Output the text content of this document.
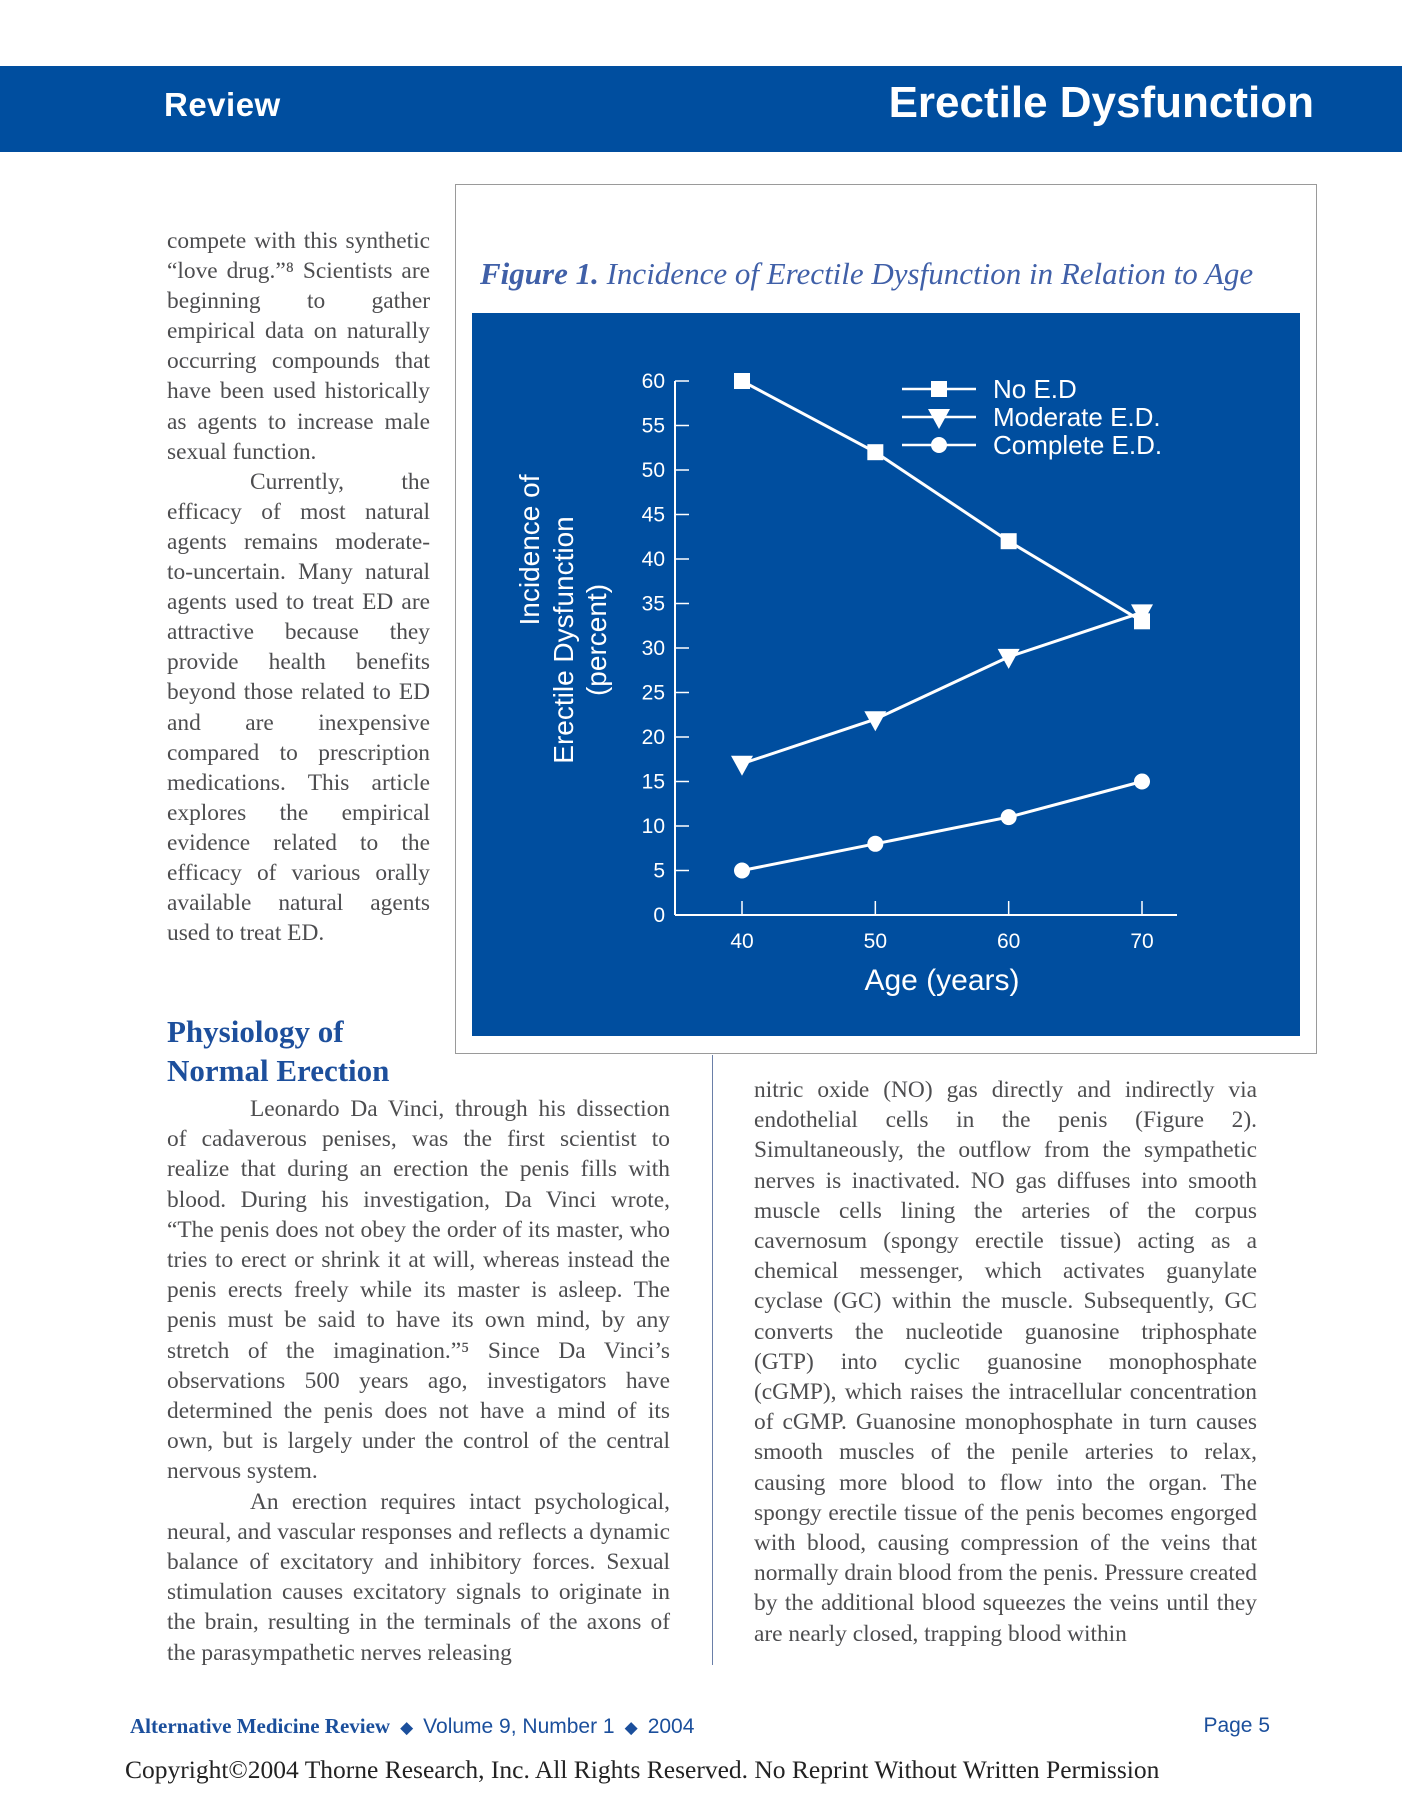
Review	Erectile Dysfunction

compete with this synthetic “love drug.”⁸ Scientists are beginning to gather empirical data on naturally occurring compounds that have been used historically as agents to increase male sexual function.

Currently, the efficacy of most natural agents remains moderate-to-uncertain. Many natural agents used to treat ED are attractive because they provide health benefits beyond those related to ED and are inexpensive compared to prescription medications. This article explores the empirical evidence related to the efficacy of various orally available natural agents used to treat ED.

Physiology of
Normal Erection

Leonardo Da Vinci, through his dissection of cadaverous penises, was the first scientist to realize that during an erection the penis fills with blood. During his investigation, Da Vinci wrote, “The penis does not obey the order of its master, who tries to erect or shrink it at will, whereas instead the penis erects freely while its master is asleep. The penis must be said to have its own mind, by any stretch of the imagination.”⁵ Since Da Vinci’s observations 500 years ago, investigators have determined the penis does not have a mind of its own, but is largely under the control of the central nervous system.

An erection requires intact psychological, neural, and vascular responses and reflects a dynamic balance of excitatory and inhibitory forces. Sexual stimulation causes excitatory signals to originate in the brain, resulting in the terminals of the axons of the parasympathetic nerves releasing

nitric oxide (NO) gas directly and indirectly via endothelial cells in the penis (Figure 2). Simultaneously, the outflow from the sympathetic nerves is inactivated. NO gas diffuses into smooth muscle cells lining the arteries of the corpus cavernosum (spongy erectile tissue) acting as a chemical messenger, which activates guanylate cyclase (GC) within the muscle. Subsequently, GC converts the nucleotide guanosine triphosphate (GTP) into cyclic guanosine monophosphate (cGMP), which raises the intracellular concentration of cGMP. Guanosine monophosphate in turn causes smooth muscles of the penile arteries to relax, causing more blood to flow into the organ. The spongy erectile tissue of the penis becomes engorged with blood, causing compression of the veins that normally drain blood from the penis. Pressure created by the additional blood squeezes the veins until they are nearly closed, trapping blood within

Figure 1. Incidence of Erectile Dysfunction in Relation to Age
0
5
10
15
20
25
30
35
40
45
50
55
60
40	50	60	70
No E.D
Moderate E.D.
Complete E.D.
Incidence of Erectile Dysfunction (percent)
Age (years)
Alternative Medicine Review ◆ Volume 9, Number 1 ◆ 2004	Page 5
Copyright©2004 Thorne Research, Inc. All Rights Reserved. No Reprint Without Written Permission
